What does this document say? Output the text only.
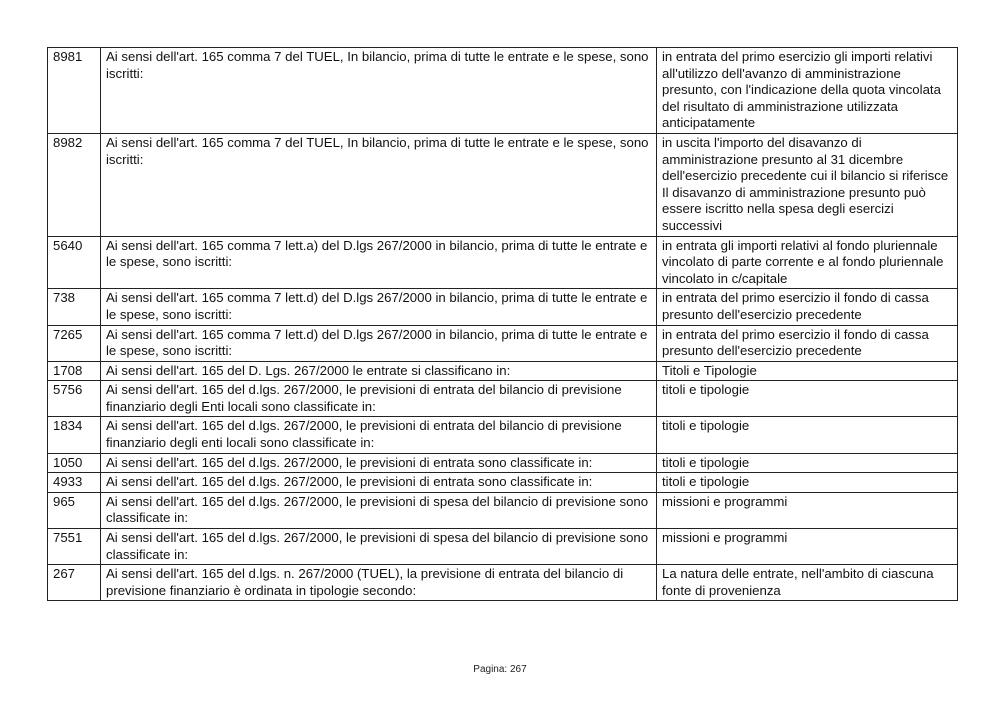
8981	Ai sensi dell'art. 165 comma 7 del TUEL, In bilancio, prima di tutte le entrate e le spese, sono iscritti:	in entrata del primo esercizio gli importi relativi all'utilizzo dell'avanzo di amministrazione presunto, con l'indicazione della quota vincolata del risultato di amministrazione utilizzata anticipatamente
8982	Ai sensi dell'art. 165 comma 7 del TUEL, In bilancio, prima di tutte le entrate e le spese, sono iscritti:	in uscita l'importo del disavanzo di amministrazione presunto al 31 dicembre dell'esercizio precedente cui il bilancio si riferisce Il disavanzo di amministrazione presunto può essere iscritto nella spesa degli esercizi successivi
5640	Ai sensi dell'art. 165 comma 7 lett.a) del D.lgs 267/2000 in bilancio, prima di tutte le entrate e le spese, sono iscritti:	in entrata gli importi relativi al fondo pluriennale vincolato di parte corrente e al fondo pluriennale vincolato in c/capitale
738	Ai sensi dell'art. 165 comma 7 lett.d) del D.lgs 267/2000 in bilancio, prima di tutte le entrate e le spese, sono iscritti:	in entrata del primo esercizio il fondo di cassa presunto dell'esercizio precedente
7265	Ai sensi dell'art. 165 comma 7 lett.d) del D.lgs 267/2000 in bilancio, prima di tutte le entrate e le spese, sono iscritti:	in entrata del primo esercizio il fondo di cassa presunto dell'esercizio precedente
1708	Ai sensi dell'art. 165 del D. Lgs. 267/2000 le entrate si classificano in:	Titoli e Tipologie
5756	Ai sensi dell'art. 165 del d.lgs. 267/2000, le previsioni di entrata del bilancio di previsione finanziario degli Enti locali sono classificate in:	titoli e tipologie
1834	Ai sensi dell'art. 165 del d.lgs. 267/2000, le previsioni di entrata del bilancio di previsione finanziario degli enti locali sono classificate in:	titoli e tipologie
1050	Ai sensi dell'art. 165 del d.lgs. 267/2000, le previsioni di entrata sono classificate in:	titoli e tipologie
4933	Ai sensi dell'art. 165 del d.lgs. 267/2000, le previsioni di entrata sono classificate in:	titoli e tipologie
965	Ai sensi dell'art. 165 del d.lgs. 267/2000, le previsioni di spesa del bilancio di previsione sono classificate in:	missioni e programmi
7551	Ai sensi dell'art. 165 del d.lgs. 267/2000, le previsioni di spesa del bilancio di previsione sono classificate in:	missioni e programmi
267	Ai sensi dell'art. 165 del d.lgs. n. 267/2000 (TUEL), la previsione di entrata del bilancio di previsione finanziario è ordinata in tipologie secondo:	La natura delle entrate, nell'ambito di ciascuna fonte di provenienza
Pagina: 267
